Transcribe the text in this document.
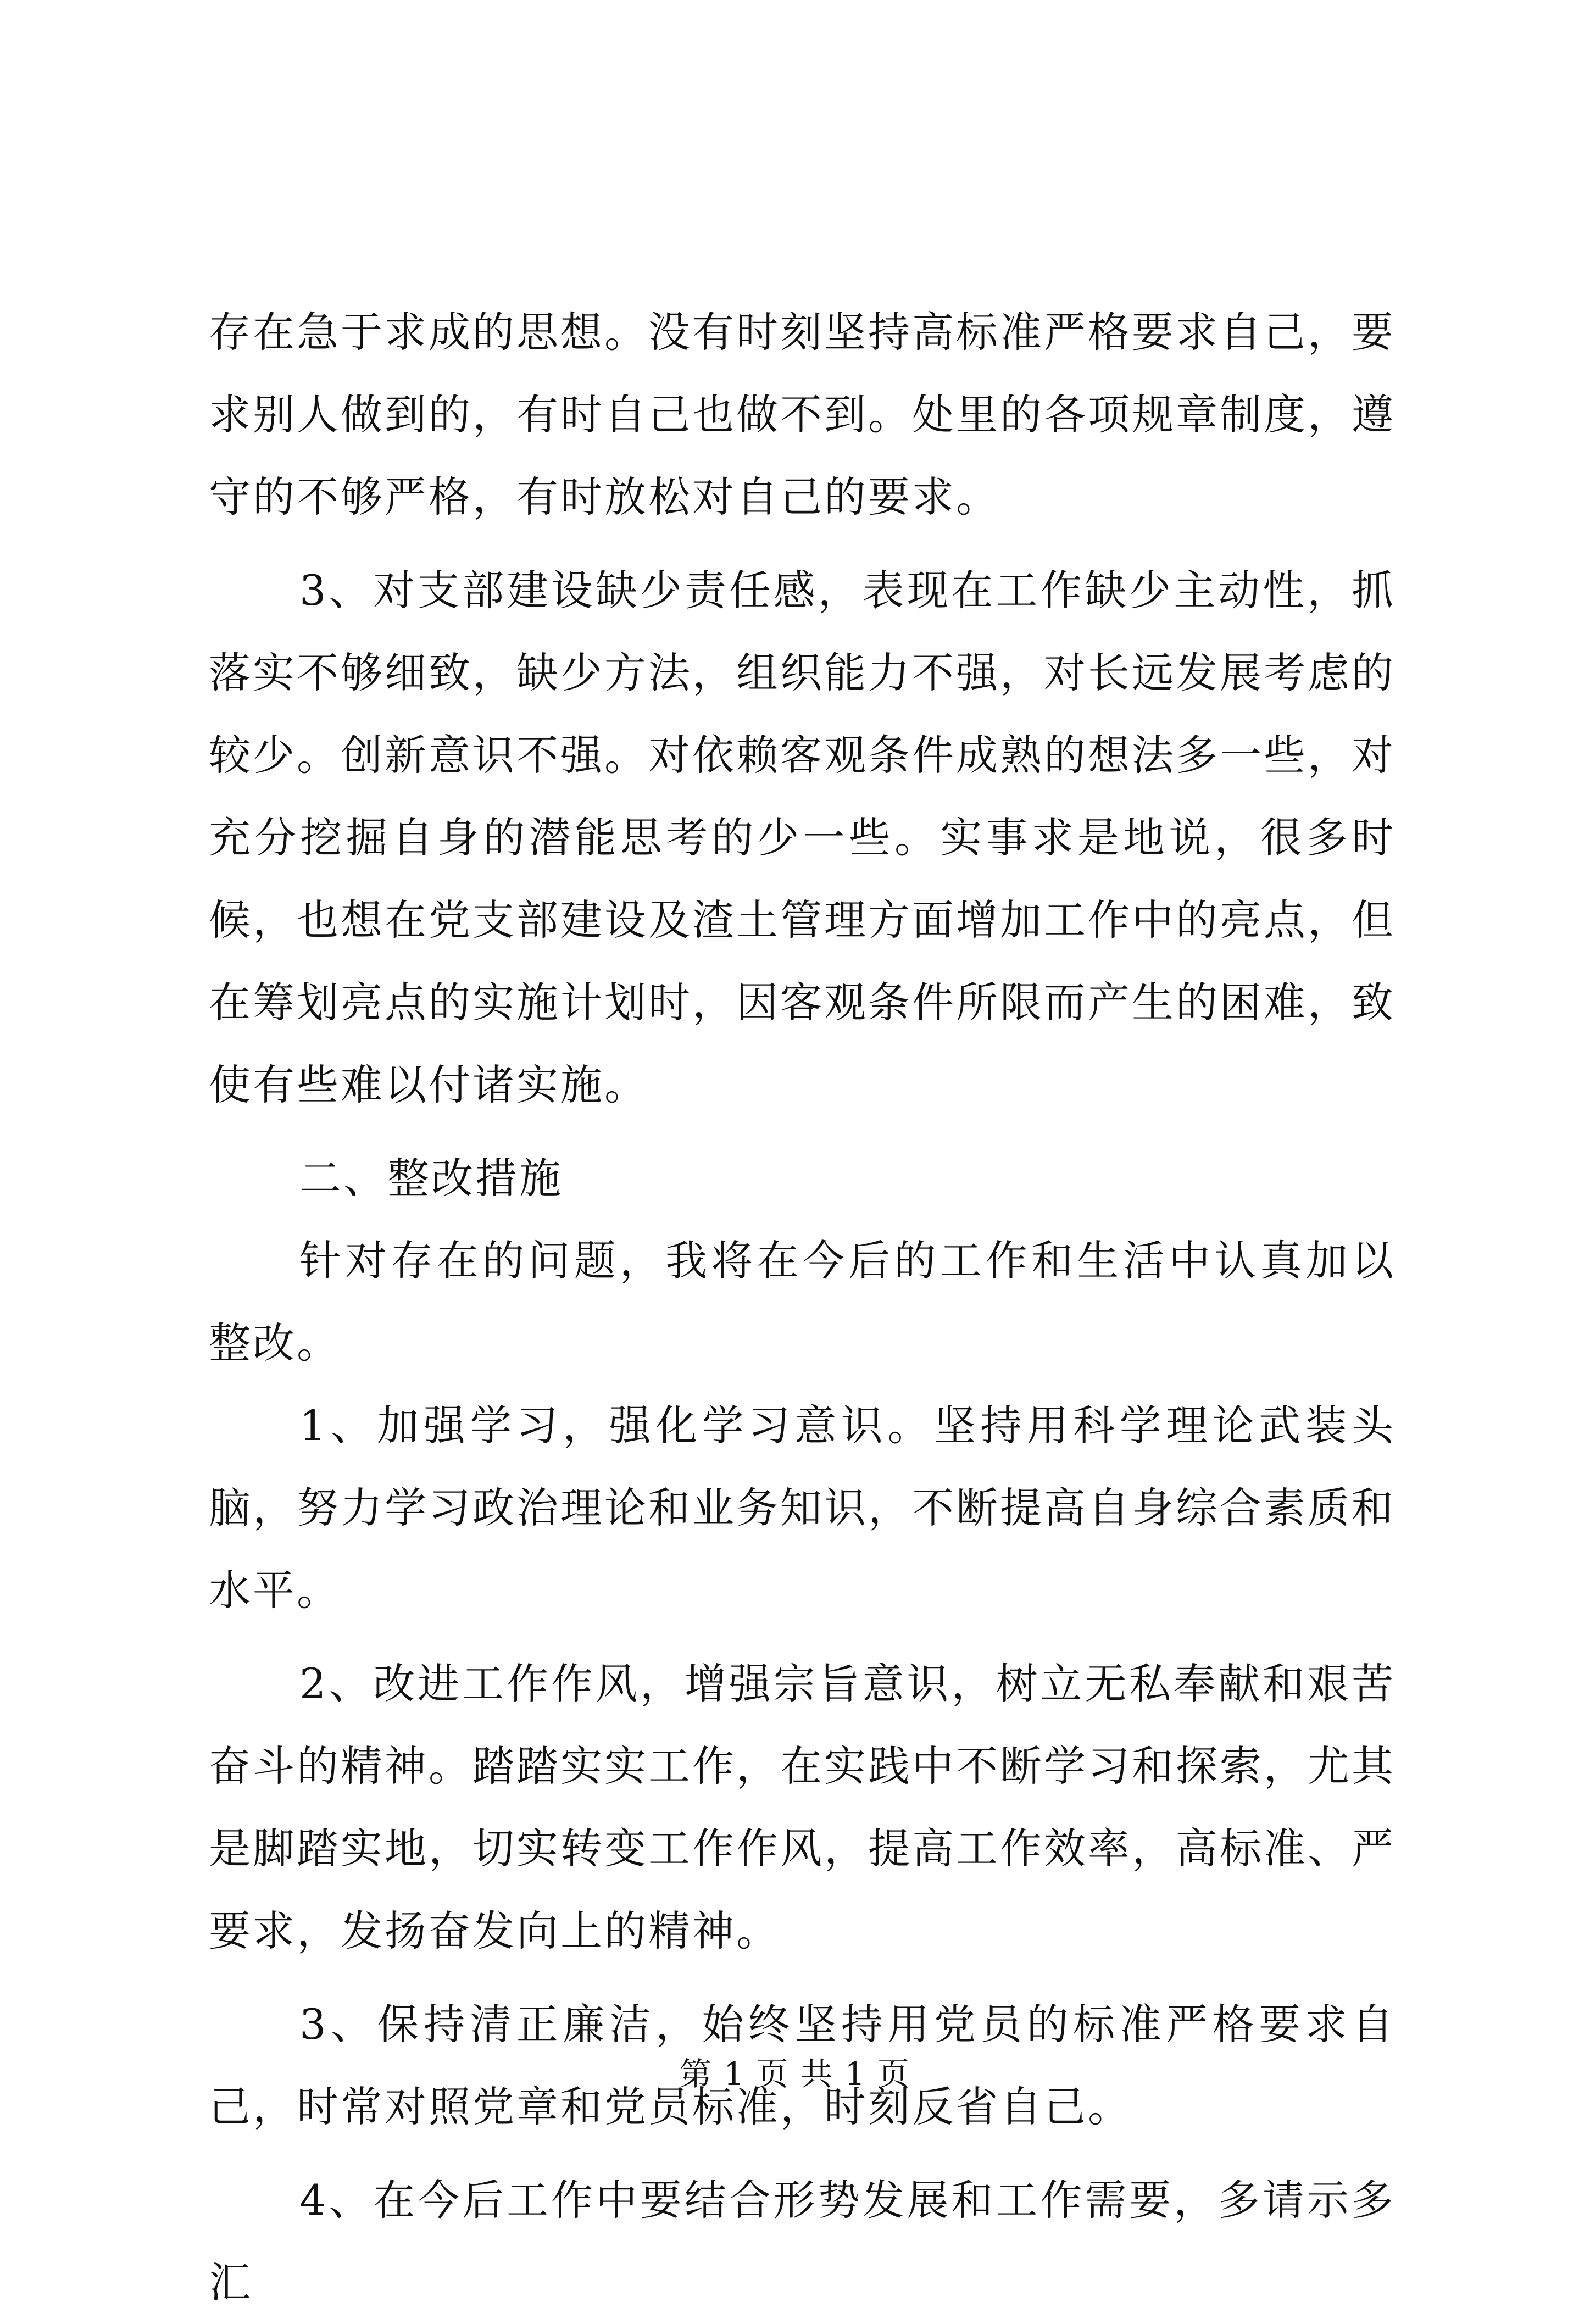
存在急于求成的思想。没有时刻坚持高标准严格要求自己，要求别人做到的，有时自己也做不到。处里的各项规章制度，遵守的不够严格，有时放松对自己的要求。

3、对支部建设缺少责任感，表现在工作缺少主动性，抓落实不够细致，缺少方法，组织能力不强，对长远发展考虑的较少。创新意识不强。对依赖客观条件成熟的想法多一些，对充分挖掘自身的潜能思考的少一些。实事求是地说，很多时候，也想在党支部建设及渣土管理方面增加工作中的亮点，但在筹划亮点的实施计划时，因客观条件所限而产生的困难，致使有些难以付诸实施。

二、整改措施

针对存在的问题，我将在今后的工作和生活中认真加以整改。

1、加强学习，强化学习意识。坚持用科学理论武装头脑，努力学习政治理论和业务知识，不断提高自身综合素质和水平。

2、改进工作作风，增强宗旨意识，树立无私奉献和艰苦奋斗的精神。踏踏实实工作，在实践中不断学习和探索，尤其是脚踏实地，切实转变工作作风，提高工作效率，高标准、严要求，发扬奋发向上的精神。

3、保持清正廉洁，始终坚持用党员的标准严格要求自己，时常对照党章和党员标准，时刻反省自己。

4、在今后工作中要结合形势发展和工作需要，多请示多汇

第 1 页 共 1 页
